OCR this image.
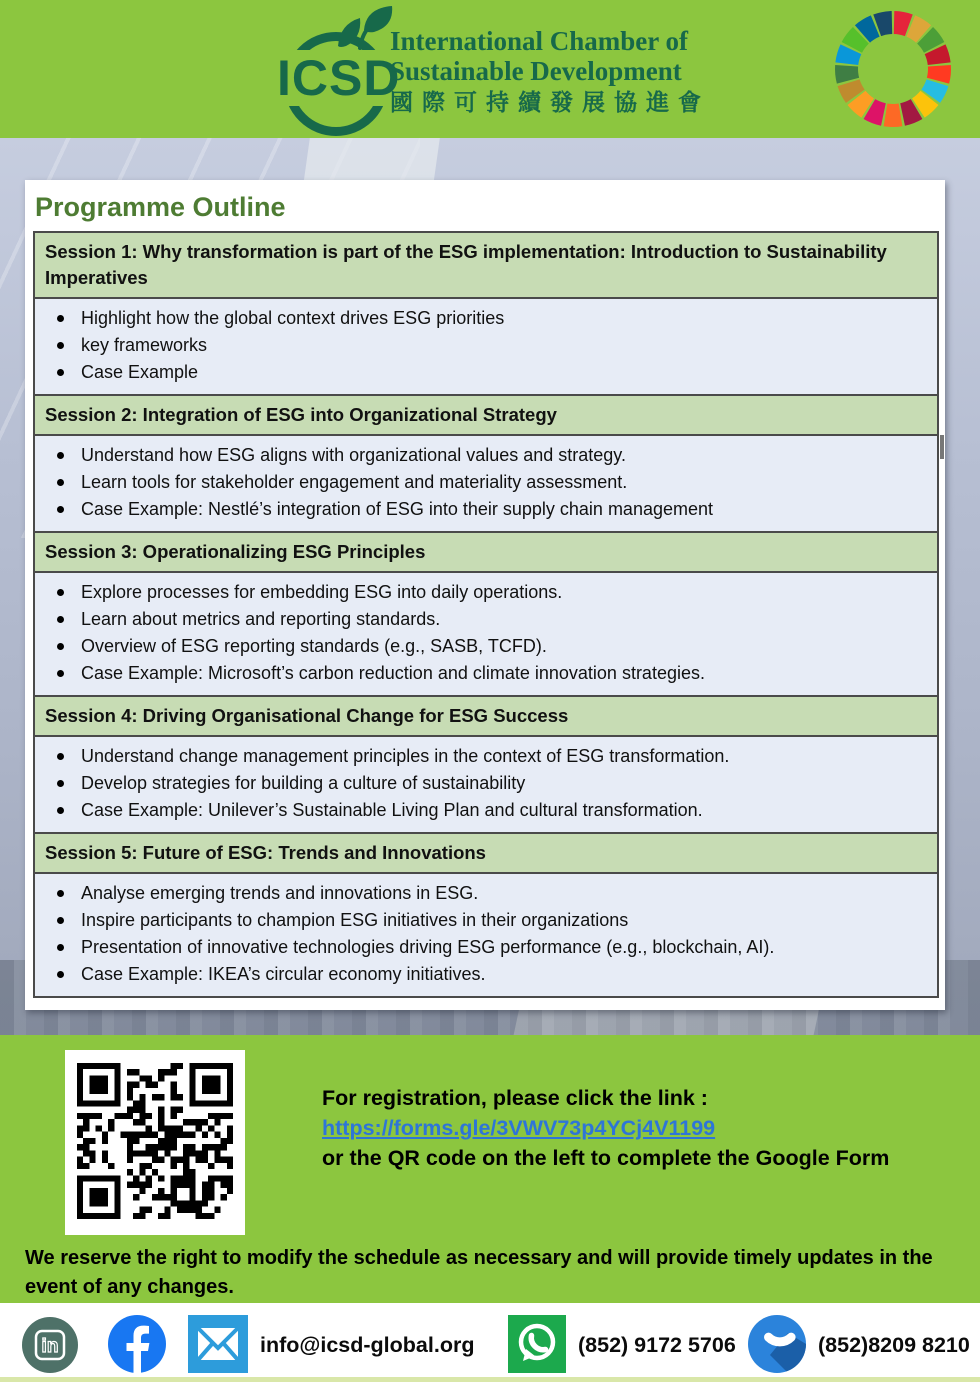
ICSD
International Chamber of
Sustainable Development
國際可持續發展協進會
Programme Outline
Session 1: Why transformation is part of the ESG implementation: Introduction to Sustainability Imperatives
Highlight how the global context drives ESG priorities
key frameworks
Case Example
Session 2: Integration of ESG into Organizational Strategy
Understand how ESG aligns with organizational values and strategy.
Learn tools for stakeholder engagement and materiality assessment.
Case Example: Nestlé’s integration of ESG into their supply chain management
Session 3: Operationalizing ESG Principles
Explore processes for embedding ESG into daily operations.
Learn about metrics and reporting standards.
Overview of ESG reporting standards (e.g., SASB, TCFD).
Case Example: Microsoft’s carbon reduction and climate innovation strategies.
Session 4: Driving Organisational Change for ESG Success
Understand change management principles in the context of ESG transformation.
Develop strategies for building a culture of sustainability
Case Example: Unilever’s Sustainable Living Plan and cultural transformation.
Session 5: Future of ESG: Trends and Innovations
Analyse emerging trends and innovations in ESG.
Inspire participants to champion ESG initiatives in their organizations
Presentation of innovative technologies driving ESG performance (e.g., blockchain, AI).
Case Example: IKEA’s circular economy initiatives.
For registration, please click the link :
https://forms.gle/3VWV73p4YCj4V1199
or the QR code on the left to complete the Google Form
We reserve the right to modify the schedule as necessary and will provide timely updates in the event of any changes.
in	info@icsd-global.org	(852) 9172 5706	(852)8209 8210
